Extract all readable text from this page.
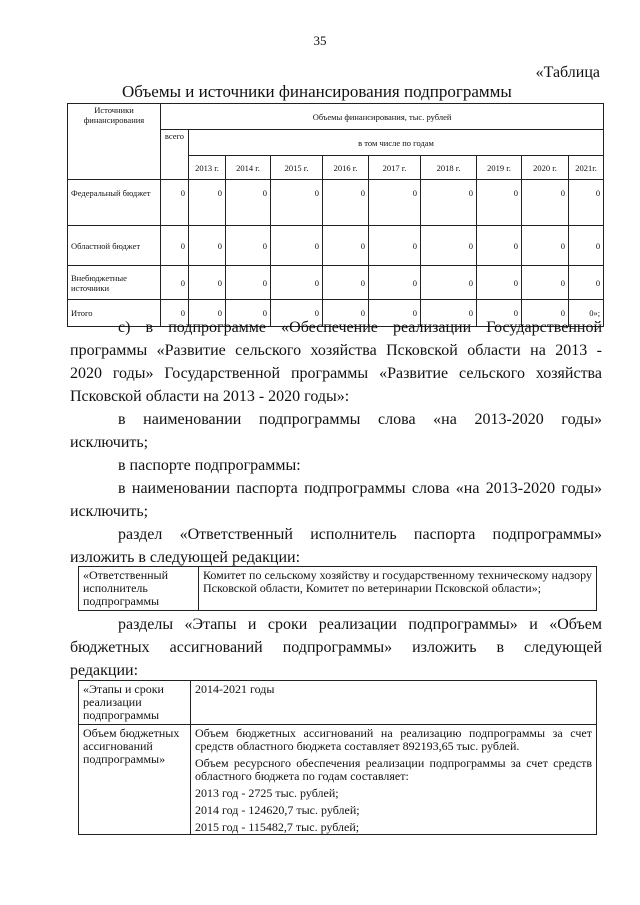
35
«Таблица
Объемы и источники финансирования подпрограммы
Источники финансирования	Объемы финансирования, тыс. рублей									
	всего	в том числе по годам								
		2013 г.	2014 г.	2015 г.	2016 г.	2017 г.	2018 г.	2019 г.	2020 г.	2021г.
Федеральный бюджет	0	0	0	0	0	0	0	0	0	0
Областной бюджет	0	0	0	0	0	0	0	0	0	0
Внебюджетные источники	0	0	0	0	0	0	0	0	0	0
Итого	0	0	0	0	0	0	0	0	0	0»;
с) в подпрограмме «Обеспечение реализации Государственной
программы «Развитие сельского хозяйства Псковской области на 2013 -
2020 годы» Государственной программы «Развитие сельского хозяйства
Псковской области на 2013 - 2020 годы»:
в наименовании подпрограммы слова «на 2013-2020 годы»
исключить;
в паспорте подпрограммы:
в наименовании паспорта подпрограммы слова «на 2013-2020 годы»
исключить;
раздел «Ответственный исполнитель паспорта подпрограммы»
изложить в следующей редакции:
«Ответственный исполнитель подпрограммы	Комитет по сельскому хозяйству и государственному техническому надзору Псковской области, Комитет по ветеринарии Псковской области»;
разделы «Этапы и сроки реализации подпрограммы» и «Объем
бюджетных ассигнований подпрограммы» изложить в следующей
редакции:
«Этапы и сроки реализации подпрограммы	2014-2021 годы
Объем бюджетных ассигнований подпрограммы»	Объем бюджетных ассигнований на реализацию подпрограммы за счет средств областного бюджета составляет 892193,65 тыс. рублей.
Объем ресурсного обеспечения реализации подпрограммы за счет средств областного бюджета по годам составляет:
2013 год - 2725 тыс. рублей;
2014 год - 124620,7 тыс. рублей;
2015 год - 115482,7 тыс. рублей;
